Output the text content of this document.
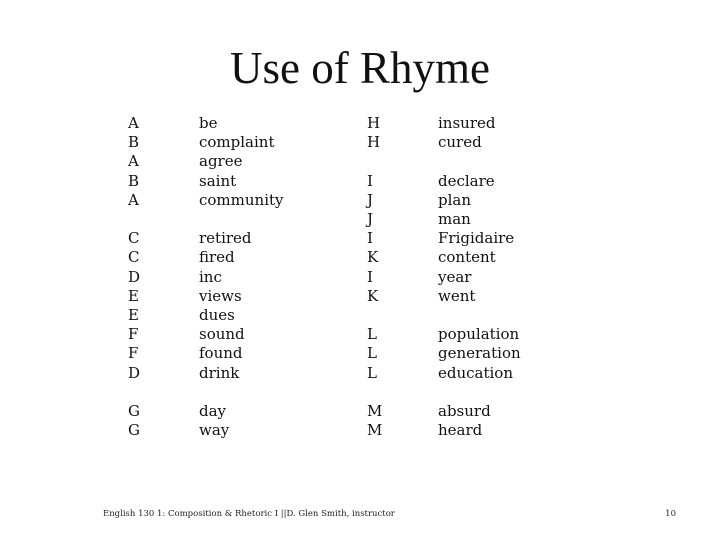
Use of Rhyme
A
B
A
B
A
C
C
D
E
E
F
F
D
G
G
be
complaint
agree
saint
community
retired
fired
inc
views
dues
sound
found
drink
day
way
H
H
I
J
J
I
K
I
K
L
L
L
M
M
insured
cured
declare
plan
man
Frigidaire
content
year
went
population
generation
education
absurd
heard
English 130 1: Composition & Rhetoric I ||D. Glen Smith, instructor	10
